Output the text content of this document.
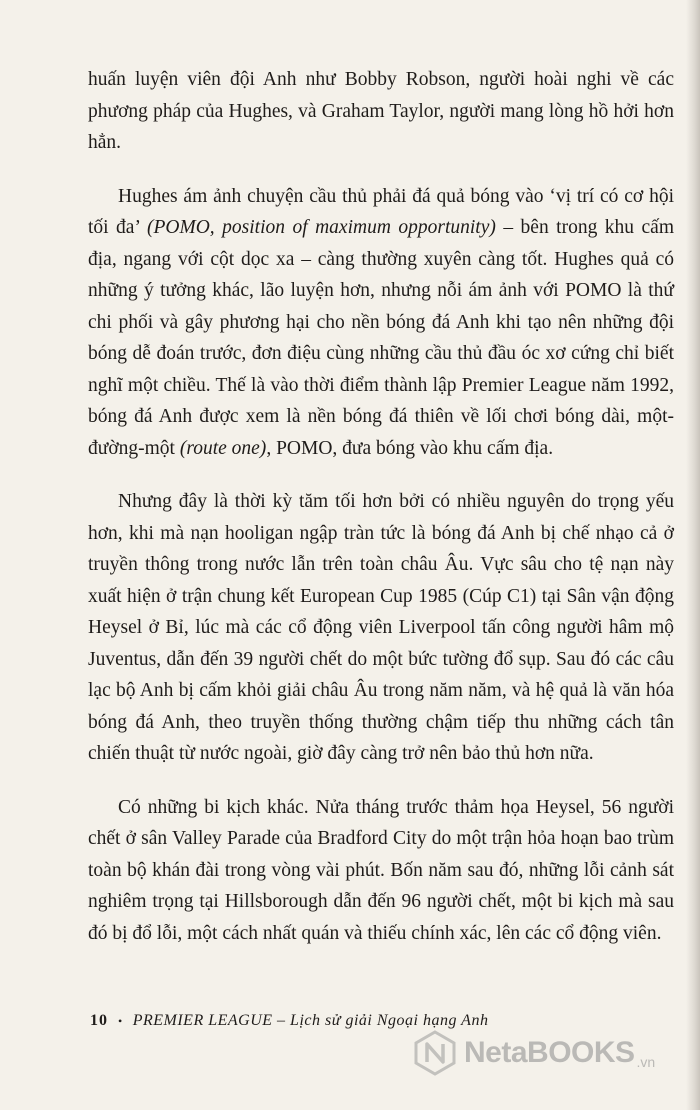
huấn luyện viên đội Anh như Bobby Robson, người hoài nghi về các phương pháp của Hughes, và Graham Taylor, người mang lòng hồ hởi hơn hẳn.

Hughes ám ảnh chuyện cầu thủ phải đá quả bóng vào ‘vị trí có cơ hội tối đa’ (POMO, position of maximum opportunity) – bên trong khu cấm địa, ngang với cột dọc xa – càng thường xuyên càng tốt. Hughes quả có những ý tưởng khác, lão luyện hơn, nhưng nỗi ám ảnh với POMO là thứ chi phối và gây phương hại cho nền bóng đá Anh khi tạo nên những đội bóng dễ đoán trước, đơn điệu cùng những cầu thủ đầu óc xơ cứng chỉ biết nghĩ một chiều. Thế là vào thời điểm thành lập Premier League năm 1992, bóng đá Anh được xem là nền bóng đá thiên về lối chơi bóng dài, một-đường-một (route one), POMO, đưa bóng vào khu cấm địa.

Nhưng đây là thời kỳ tăm tối hơn bởi có nhiều nguyên do trọng yếu hơn, khi mà nạn hooligan ngập tràn tức là bóng đá Anh bị chế nhạo cả ở truyền thông trong nước lẫn trên toàn châu Âu. Vực sâu cho tệ nạn này xuất hiện ở trận chung kết European Cup 1985 (Cúp C1) tại Sân vận động Heysel ở Bỉ, lúc mà các cổ động viên Liverpool tấn công người hâm mộ Juventus, dẫn đến 39 người chết do một bức tường đổ sụp. Sau đó các câu lạc bộ Anh bị cấm khỏi giải châu Âu trong năm năm, và hệ quả là văn hóa bóng đá Anh, theo truyền thống thường chậm tiếp thu những cách tân chiến thuật từ nước ngoài, giờ đây càng trở nên bảo thủ hơn nữa.

Có những bi kịch khác. Nửa tháng trước thảm họa Heysel, 56 người chết ở sân Valley Parade của Bradford City do một trận hỏa hoạn bao trùm toàn bộ khán đài trong vòng vài phút. Bốn năm sau đó, những lỗi cảnh sát nghiêm trọng tại Hillsborough dẫn đến 96 người chết, một bi kịch mà sau đó bị đổ lỗi, một cách nhất quán và thiếu chính xác, lên các cổ động viên.

10 • PREMIER LEAGUE – Lịch sử giải Ngoại hạng Anh
NetaBOOKS .vn
